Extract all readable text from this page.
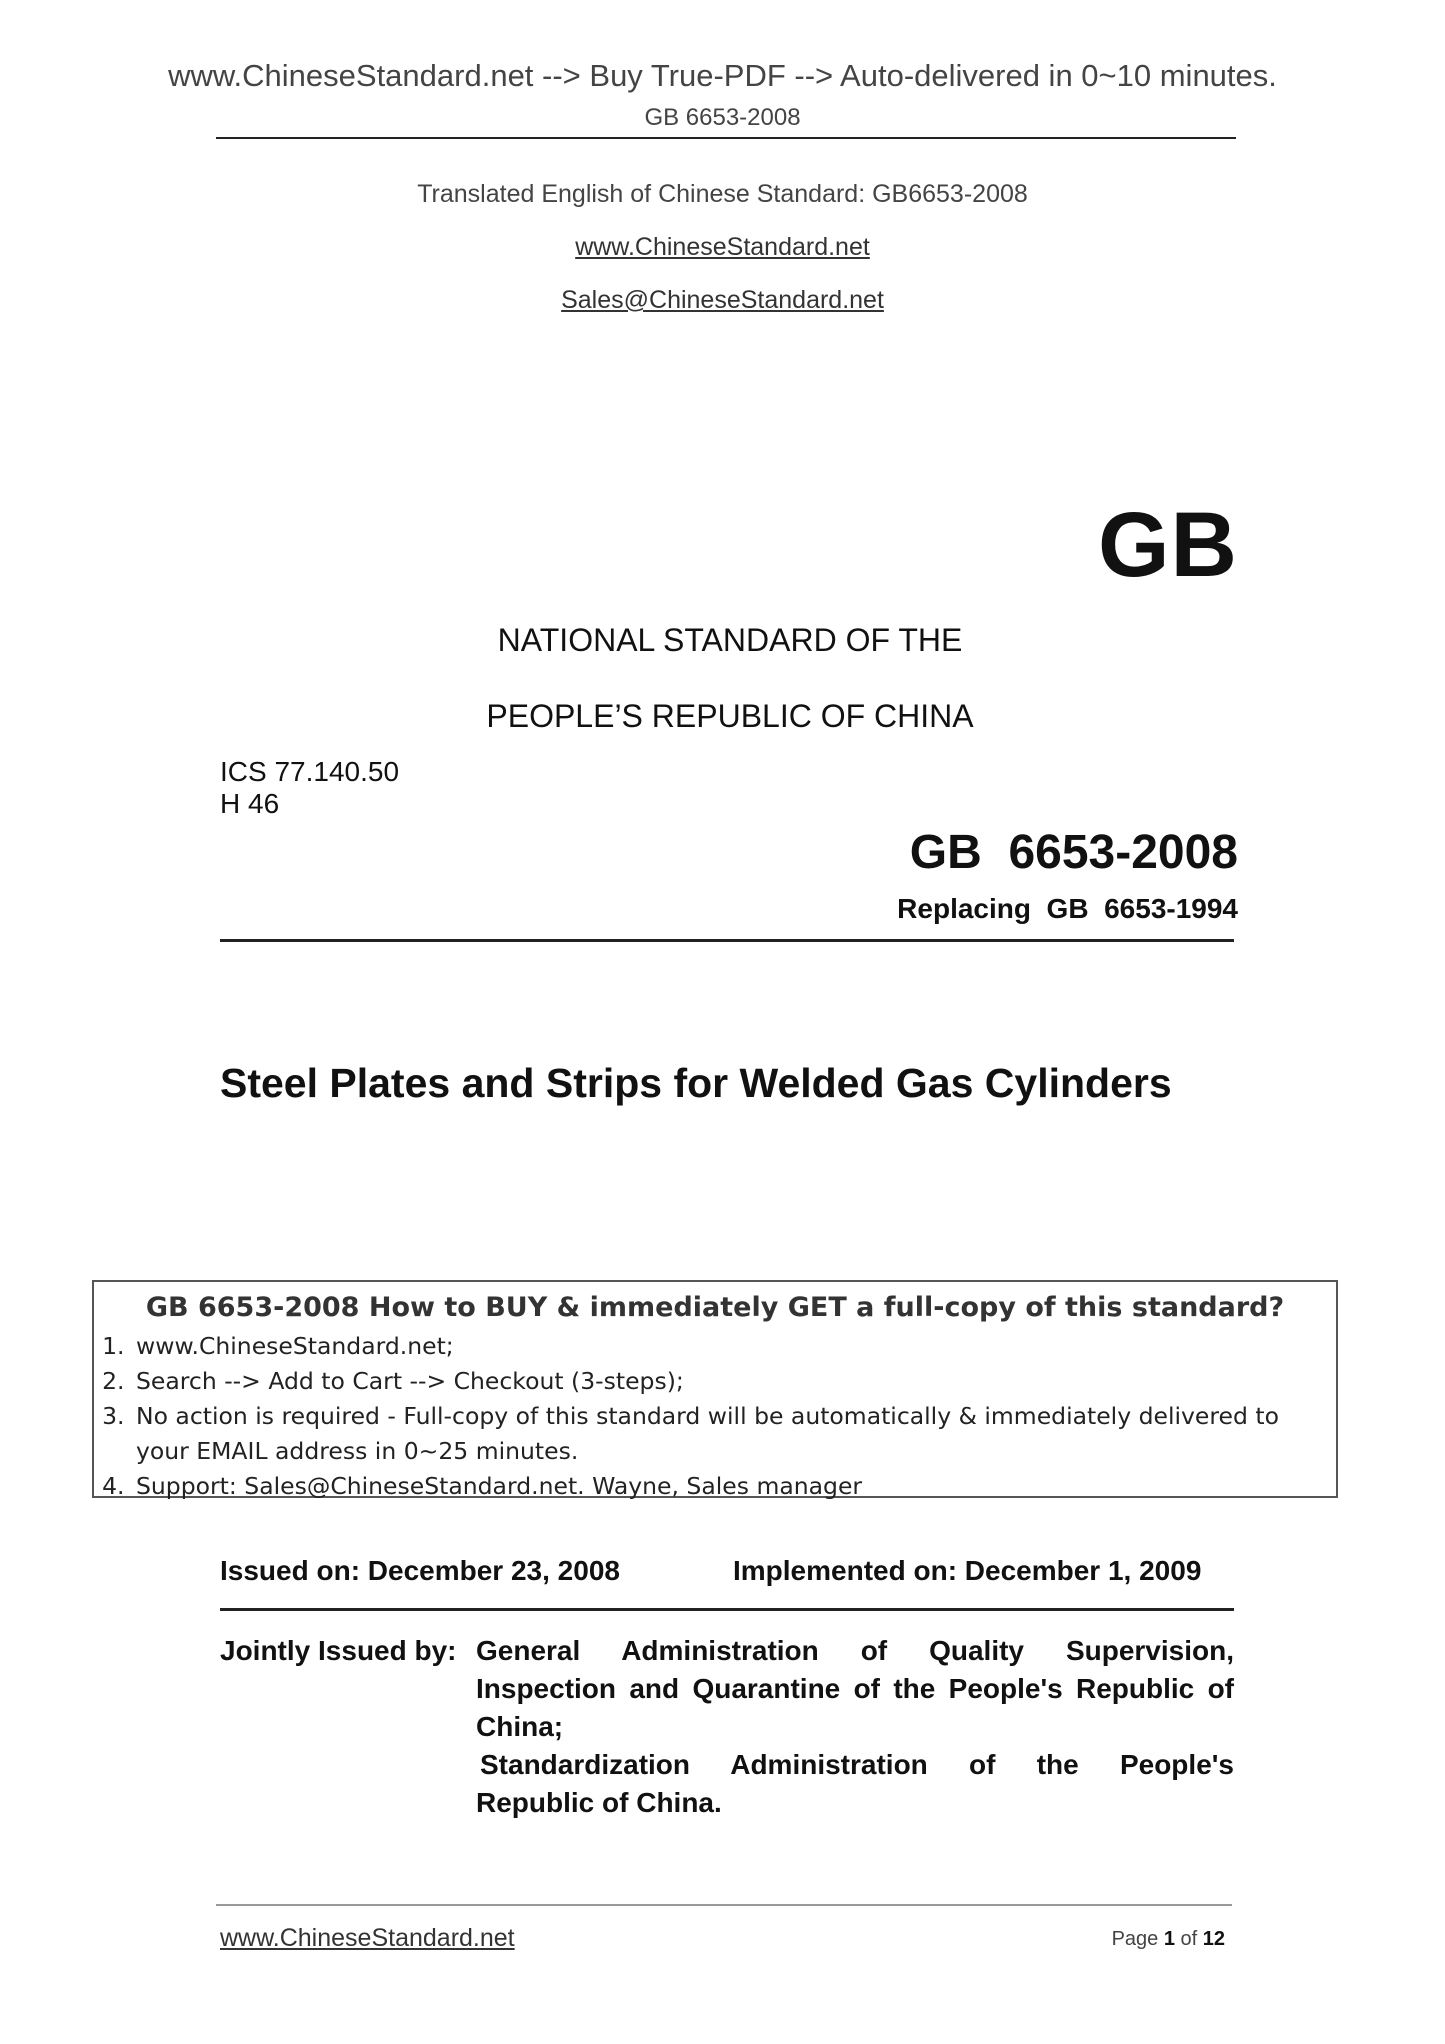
www.ChineseStandard.net --> Buy True-PDF --> Auto-delivered in 0~10 minutes.
GB 6653-2008
Translated English of Chinese Standard: GB6653-2008
www.ChineseStandard.net
Sales@ChineseStandard.net
GB
NATIONAL STANDARD OF THE
PEOPLE’S REPUBLIC OF CHINA
ICS 77.140.50
H 46
GB  6653-2008
Replacing  GB  6653-1994
Steel Plates and Strips for Welded Gas Cylinders
GB 6653-2008 How to BUY & immediately GET a full-copy of this standard?
1. www.ChineseStandard.net;
2. Search --> Add to Cart --> Checkout (3-steps);
3. No action is required - Full-copy of this standard will be automatically & immediately delivered to your EMAIL address in 0~25 minutes.
4. Support: Sales@ChineseStandard.net. Wayne, Sales manager
Issued on: December 23, 2008	Implemented on: December 1, 2009
Jointly Issued by: General Administration of Quality Supervision,
Inspection and Quarantine of the People's Republic of
China;
Standardization Administration of the People's
Republic of China.
www.ChineseStandard.net	Page 1 of 12
